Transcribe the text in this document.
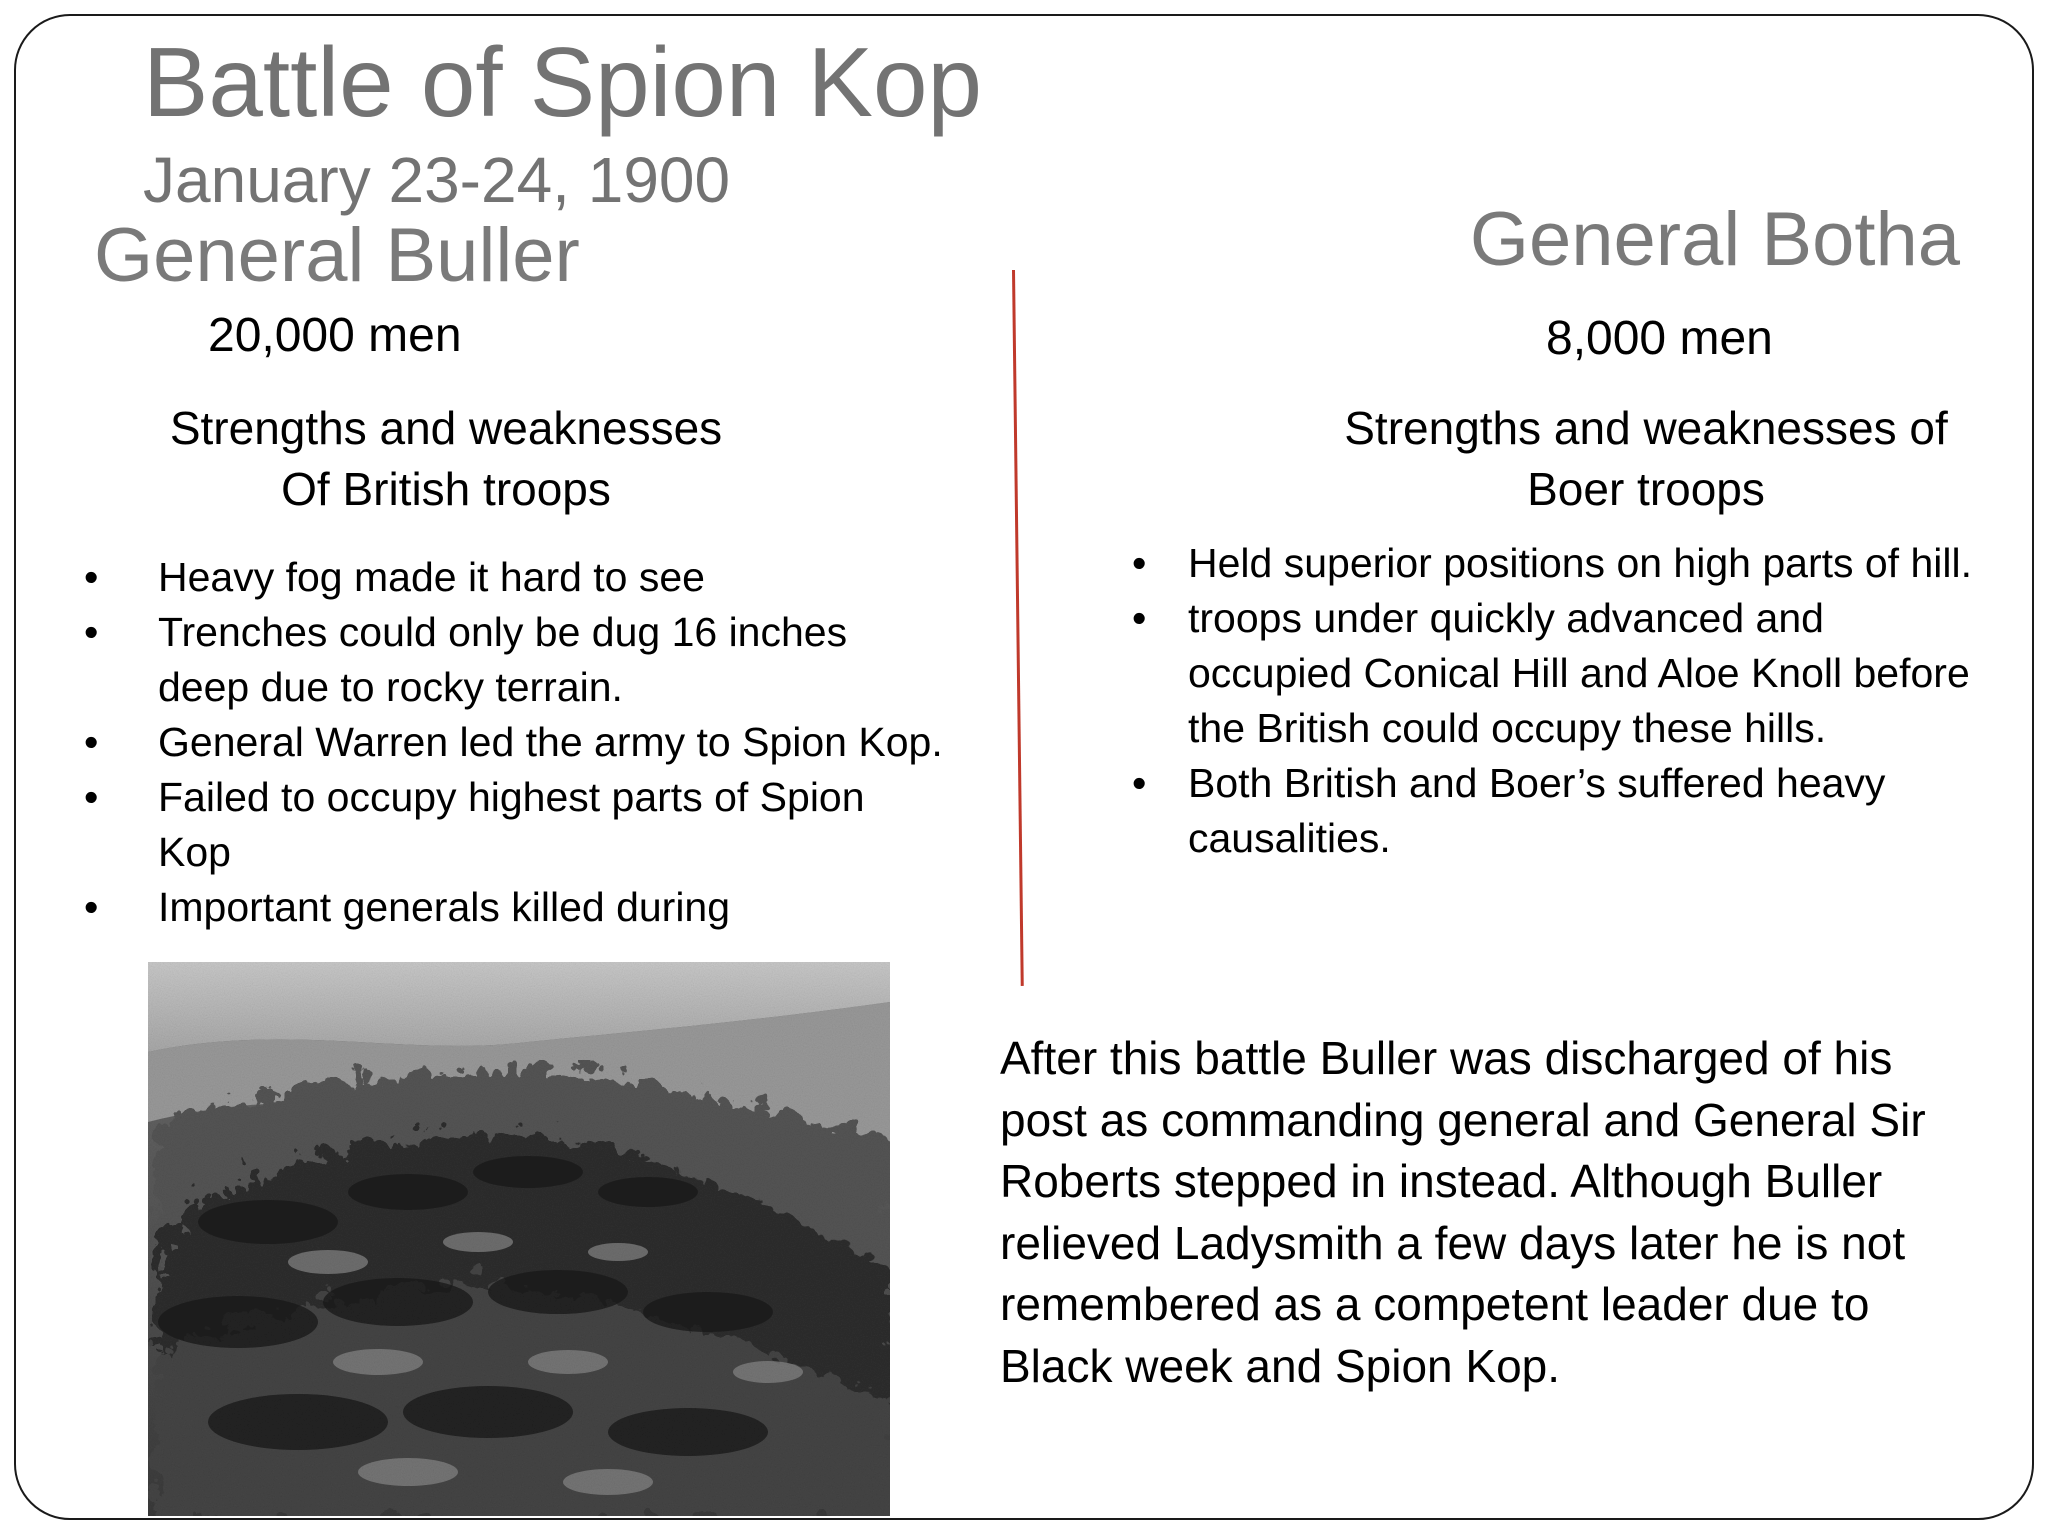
Battle of Spion Kop
January 23-24, 1900
General Buller	General Botha
20,000 men	8,000 men
Strengths and weaknesses
Of British troops
Strengths and weaknesses of
Boer troops
• Heavy fog made it hard to see
• Trenches could only be dug 16 inches deep due to rocky terrain.
• General Warren led the army to Spion Kop.
• Failed to occupy highest parts of Spion Kop
• Important generals killed during
• Held superior positions on high parts of hill.
• troops under quickly advanced and occupied Conical Hill and Aloe Knoll before the British could occupy these hills.
• Both British and Boer’s suffered heavy causalities.
After this battle Buller was discharged of his post as commanding general and General Sir Roberts stepped in instead. Although Buller relieved Ladysmith a few days later he is not remembered as a competent leader due to Black week and Spion Kop.
